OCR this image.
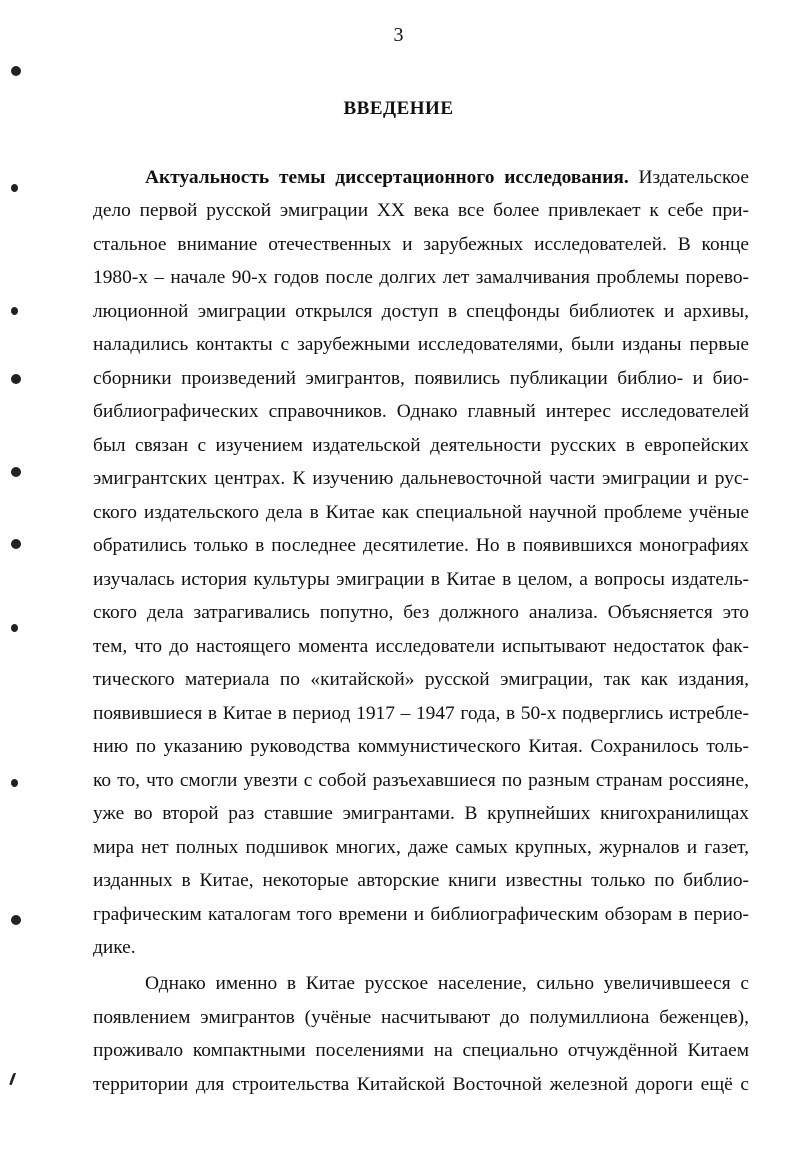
3
ВВЕДЕНИЕ
Актуальность темы диссертационного исследования. Издательское
дело первой русской эмиграции XX века все более привлекает к себе при-
стальное внимание отечественных и зарубежных исследователей. В конце
1980-х – начале 90-х годов после долгих лет замалчивания проблемы порево-
люционной эмиграции открылся доступ в спецфонды библиотек и архивы,
наладились контакты с зарубежными исследователями, были изданы первые
сборники произведений эмигрантов, появились публикации библио- и био-
библиографических справочников. Однако главный интерес исследователей
был связан с изучением издательской деятельности русских в европейских
эмигрантских центрах. К изучению дальневосточной части эмиграции и рус-
ского издательского дела в Китае как специальной научной проблеме учёные
обратились только в последнее десятилетие. Но в появившихся монографиях
изучалась история культуры эмиграции в Китае в целом, а вопросы издатель-
ского дела затрагивались попутно, без должного анализа. Объясняется это
тем, что до настоящего момента исследователи испытывают недостаток фак-
тического материала по «китайской» русской эмиграции, так как издания,
появившиеся в Китае в период 1917 – 1947 года, в 50-х подверглись истребле-
нию по указанию руководства коммунистического Китая. Сохранилось толь-
ко то, что смогли увезти с собой разъехавшиеся по разным странам россияне,
уже во второй раз ставшие эмигрантами. В крупнейших книгохранилищах
мира нет полных подшивок многих, даже самых крупных, журналов и газет,
изданных в Китае, некоторые авторские книги известны только по библио-
графическим каталогам того времени и библиографическим обзорам в перио-
дике.
Однако именно в Китае русское население, сильно увеличившееся с
появлением эмигрантов (учёные насчитывают до полумиллиона беженцев),
проживало компактными поселениями на специально отчуждённой Китаем
территории для строительства Китайской Восточной железной дороги ещё с
